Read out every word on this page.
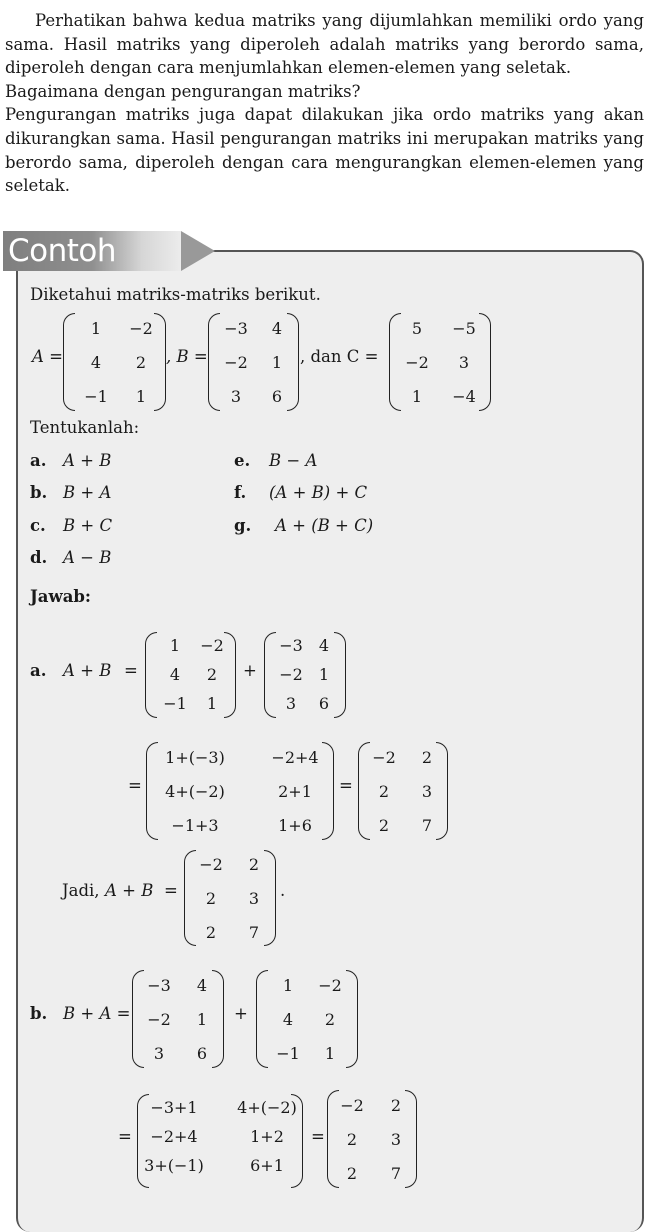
Perhatikan bahwa kedua matriks yang dijumlahkan memiliki ordo yang sama. Hasil matriks yang diperoleh adalah matriks yang berordo sama, diperoleh dengan cara menjumlahkan elemen-elemen yang seletak.

Bagaimana dengan pengurangan matriks?

Pengurangan matriks juga dapat dilakukan jika ordo matriks yang akan dikurangkan sama. Hasil pengurangan matriks ini merupakan matriks yang berordo sama, diperoleh dengan cara mengurangkan elemen-elemen yang seletak.

Contoh
Diketahui matriks-matriks berikut.
A =
1 −2
4 2
−1 1
, B =
−3 4
−2 1
3 6
, dan C =
5 −5
−2 3
1 −4
Tentukanlah:
a. A + B
b. B + A
c. B + C
d. A − B
e. B − A
f. (A + B) + C
g. A + (B + C)
Jawab:
a. A + B =
1 −2
4 2
−1 1
+
−3 4
−2 1
3 6
=
1+(−3)	−2+4
4+(−2)	2+1
−1+3	1+6
=
−2 2
2 3
2 7
Jadi, A + B =
−2 2
2 3
2 7
.
b. B + A =
−3 4
−2 1
3 6
+
1 −2
4 2
−1 1
=
−3+1 4+(−2)
−2+4	1+2
3+(−1)	6+1
=
−2 2
2 3
2 7
